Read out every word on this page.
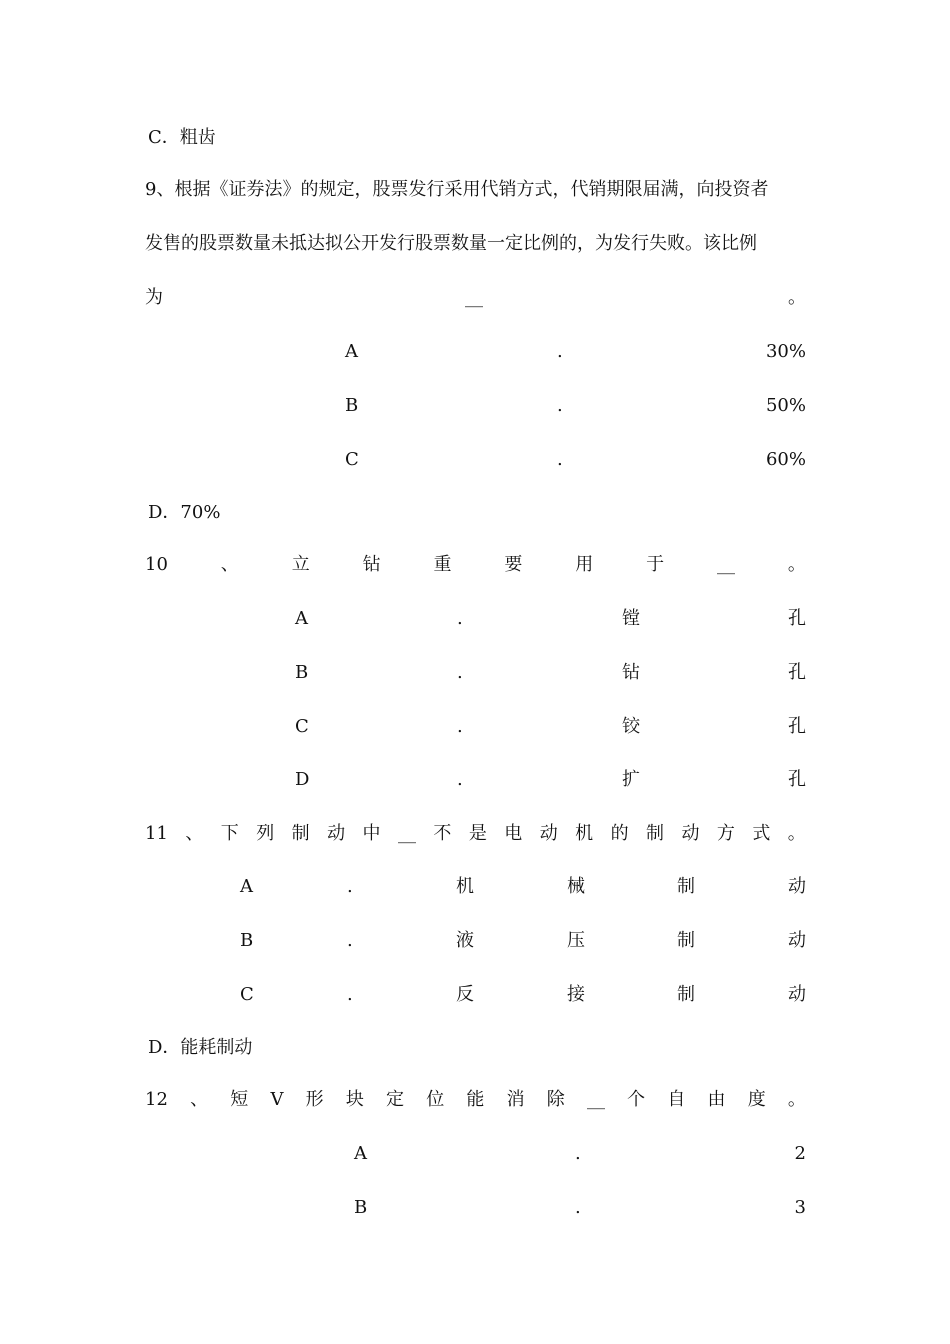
C．粗齿
9、根据《证券法》的规定，股票发行采用代销方式，代销期限届满，向投资者
发售的股票数量未抵达拟公开发行股票数量一定比例的，为发行失败。该比例
为	__	。
A	.	30%
B	.	50%
C	.	60%
D．70%
10	、	立	钻	重	要	用	于	__	。
A	.	镗	孔
B	.	钻	孔
C	.	铰	孔
D	.	扩	孔
11 、 下 列 制 动 中 __ 不 是 电 动 机 的 制 动 方 式 。
A	.	机	械	制	动
B	.	液	压	制	动
C	.	反	接	制	动
D．能耗制动
12 、 短 V 形 块 定 位 能 消 除 __ 个 自 由 度 。
A	.	2
B	.	3
